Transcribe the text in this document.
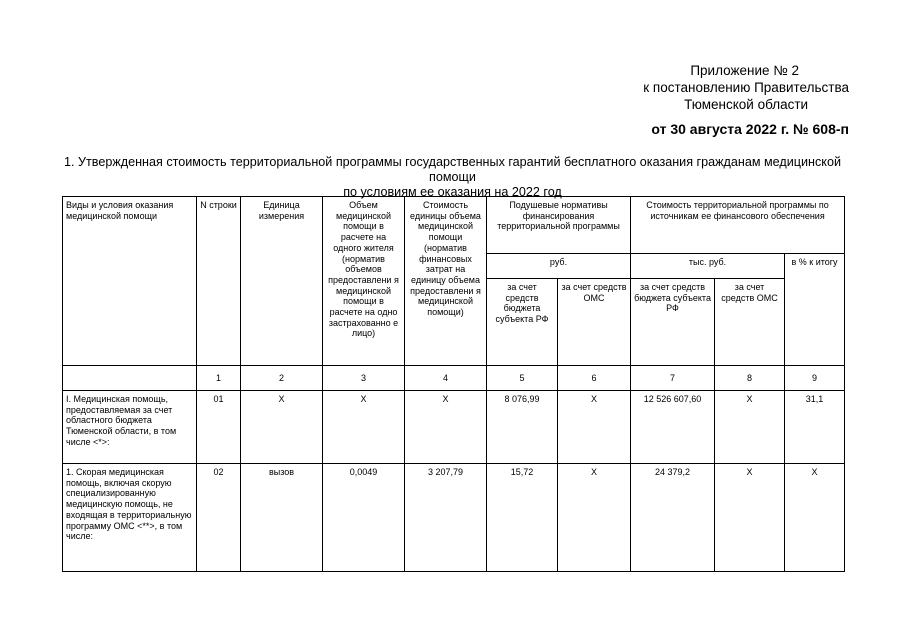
Приложение № 2
к постановлению Правительства
Тюменской области
от 30 августа 2022 г. № 608-п
1. Утвержденная стоимость территориальной программы государственных гарантий бесплатного оказания гражданам медицинской помощи
по условиям ее оказания на 2022 год
Виды и условия оказания медицинской помощи	N строки	Единица измерения	Объем медицинской помощи в расчете на одного жителя (норматив объемов предоставлени я медицинской помощи в расчете на одно застрахованно е лицо)	Стоимость единицы объема медицинской помощи (норматив финансовых затрат на единицу объема предоставлени я медицинской помощи)	Подушевые нормативы финансирования территориальной программы		Стоимость территориальной программы по источникам ее финансового обеспечения		
					руб.		тыс. руб.		в % к итогу
					за счет средств бюджета субъекта РФ	за счет средств ОМС	за счет средств бюджета субъекта РФ	за счет средств ОМС	
	1	2	3	4	5	6	7	8	9
I. Медицинская помощь, предоставляемая за счет областного бюджета Тюменской области, в том числе <*>:	01	X	X	X	8 076,99	X	12 526 607,60	X	31,1
1. Скорая медицинская помощь, включая скорую специализированную медицинскую помощь, не входящая в территориальную программу ОМС <**>, в том числе:	02	вызов	0,0049	3 207,79	15,72	X	24 379,2	X	X
